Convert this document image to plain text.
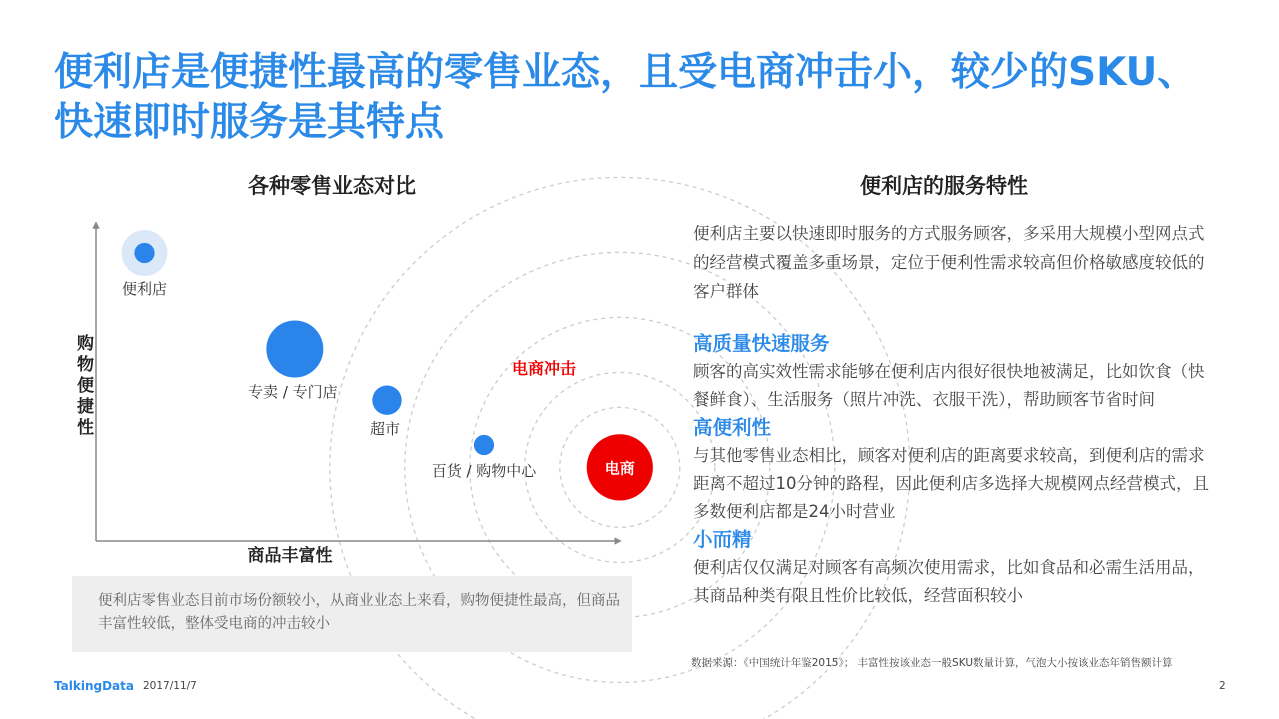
便利店是便捷性最高的零售业态，且受电商冲击小，较少的SKU、快速即时服务是其特点
各种零售业态对比
便利店
专卖 / 专门店
超市
百货 / 购物中心	电商
商品丰富性
购物便捷性
电商冲击
便利店零售业态目前市场份额较小，从商业业态上来看，购物便捷性最高，但商品丰富性较低，整体受电商的冲击较小
便利店的服务特性

便利店主要以快速即时服务的方式服务顾客，多采用大规模小型网点式的经营模式覆盖多重场景，定位于便利性需求较高但价格敏感度较低的客户群体

高质量快速服务

顾客的高实效性需求能够在便利店内很好很快地被满足，比如饮食（快餐鲜食）、生活服务（照片冲洗、衣服干洗），帮助顾客节省时间

高便利性

与其他零售业态相比，顾客对便利店的距离要求较高，到便利店的需求距离不超过10分钟的路程，因此便利店多选择大规模网点经营模式，且多数便利店都是24小时营业

小而精

便利店仅仅满足对顾客有高频次使用需求，比如食品和必需生活用品，其商品种类有限且性价比较低，经营面积较小

数据来源：《中国统计年鉴2015》； 丰富性按该业态一般SKU数量计算，气泡大小按该业态年销售额计算
TalkingData 2017/11/7	2
